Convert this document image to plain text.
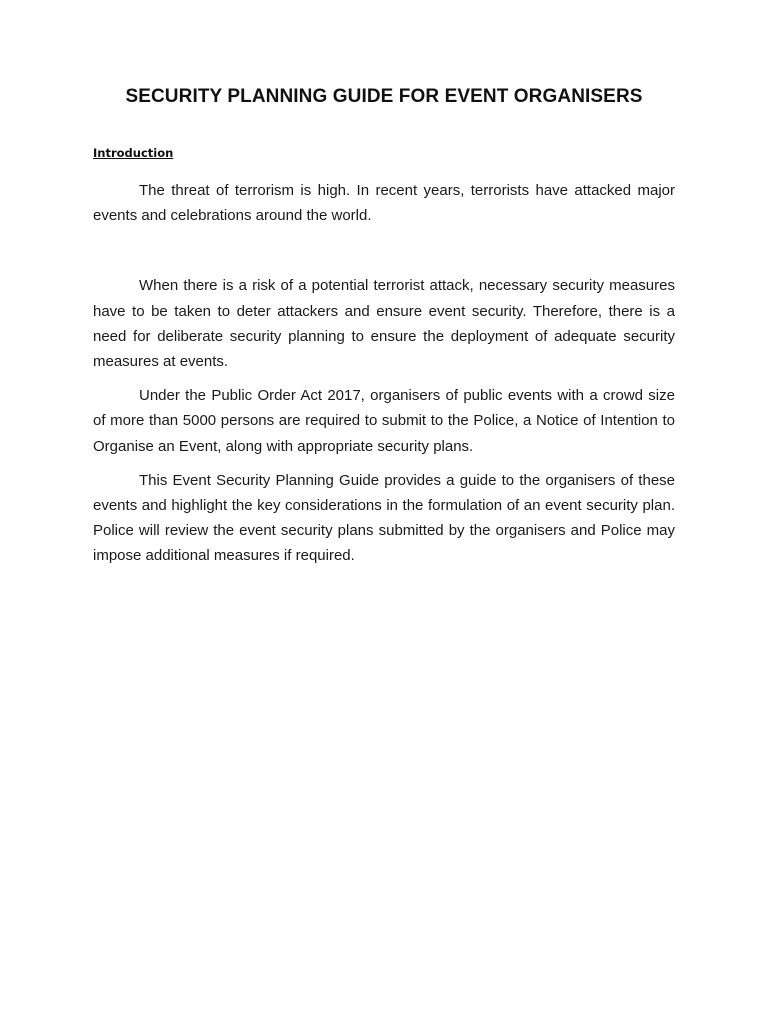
SECURITY PLANNING GUIDE FOR EVENT ORGANISERS
Introduction

The threat of terrorism is high. In recent years, terrorists have attacked major events and celebrations around the world.

When there is a risk of a potential terrorist attack, necessary security measures have to be taken to deter attackers and ensure event security. Therefore, there is a need for deliberate security planning to ensure the deployment of adequate security measures at events.

Under the Public Order Act 2017, organisers of public events with a crowd size of more than 5000 persons are required to submit to the Police, a Notice of Intention to Organise an Event, along with appropriate security plans.

This Event Security Planning Guide provides a guide to the organisers of these events and highlight the key considerations in the formulation of an event security plan. Police will review the event security plans submitted by the organisers and Police may impose additional measures if required.
